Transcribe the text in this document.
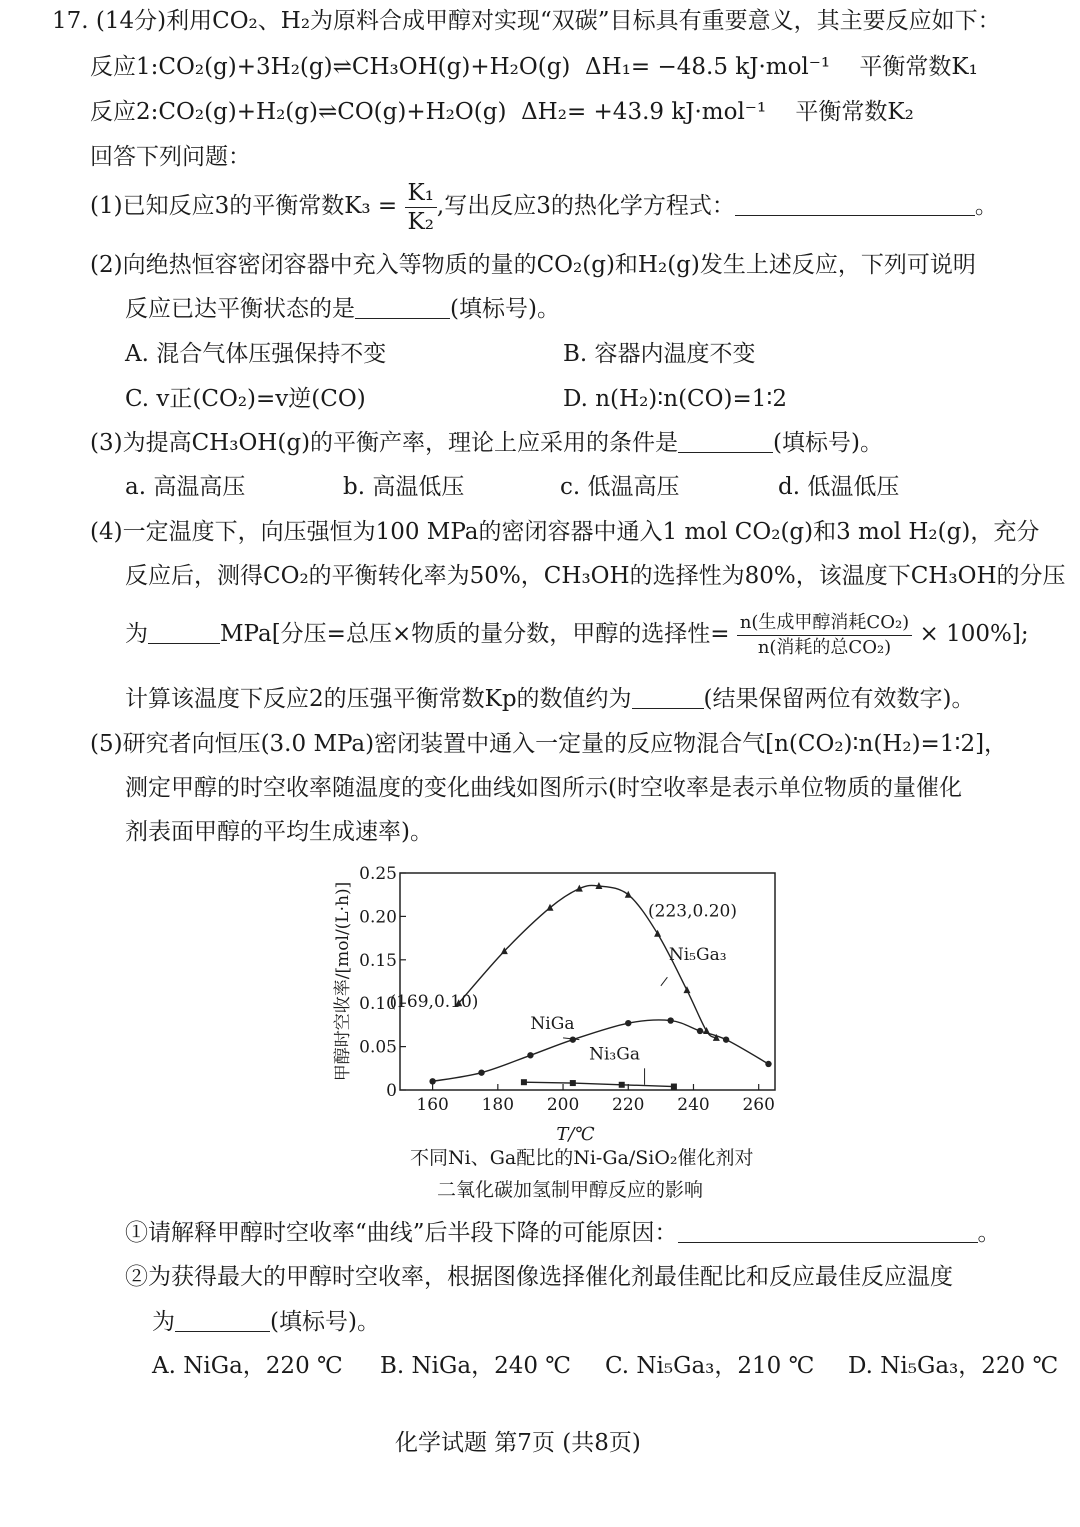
17. (14分)利用CO₂、H₂为原料合成甲醇对实现“双碳”目标具有重要意义，其主要反应如下：
反应1:CO₂(g)+3H₂(g)⇌CH₃OH(g)+H₂O(g) ΔH₁= −48.5 kJ·mol⁻¹ 平衡常数K₁
反应2:CO₂(g)+H₂(g)⇌CO(g)+H₂O(g) ΔH₂= +43.9 kJ·mol⁻¹ 平衡常数K₂
回答下列问题：
(1)已知反应3的平衡常数$K_3 = \frac{\text{K₁}}{\text{K₂}}$ ,写出反应3的热化学方程式：	。
(2)向绝热恒容密闭容器中充入等物质的量的CO₂(g)和H₂(g)发生上述反应，下列可说明
反应已达平衡状态的是	(填标号)。
A. 混合气体压强保持不变	B. 容器内温度不变
C. v正(CO₂)=v逆(CO)	D. n(H₂)∶n(CO)=1∶2
(3)为提高CH₃OH(g)的平衡产率，理论上应采用的条件是	(填标号)。
a. 高温高压	b. 高温低压	c. 低温高压	d. 低温低压
(4)一定温度下，向压强恒为100 MPa的密闭容器中通入1 mol CO₂(g)和3 mol H₂(g)，充分
反应后，测得CO₂的平衡转化率为50%，CH₃OH的选择性为80%，该温度下CH₃OH的分压
为	MPa[分压=总压×物质的量分数，甲醇的选择性= $\frac{\text{n(生成甲醇消耗CO₂)}}{\text{n(消耗的总CO₂)}} \times 100\%$];
计算该温度下反应2的压强平衡常数Kp的数值约为	(结果保留两位有效数字)。
(5)研究者向恒压(3.0 MPa)密闭装置中通入一定量的反应物混合气[n(CO₂)∶n(H₂)=1∶2]，
测定甲醇的时空收率随温度的变化曲线如图所示(时空收率是表示单位物质的量催化
剂表面甲醇的平均生成速率)。
0
0.05
0.10
0.15
0.20
0.25
160 180 200 220 240 260
T/℃
甲醇时空收率/[mol/(L·h)]	(223,0.20)
Ni₅Ga₃
(169,0.10)
NiGa
Ni₃Ga
不同Ni、Ga配比的Ni-Ga/SiO₂催化剂对
二氧化碳加氢制甲醇反应的影响
①请解释甲醇时空收率“曲线”后半段下降的可能原因：	。
②为获得最大的甲醇时空收率，根据图像选择催化剂最佳配比和反应最佳反应温度
为	(填标号)。
A. NiGa，220 ℃ B. NiGa，240 ℃ C. Ni₅Ga₃，210 ℃ D. Ni₅Ga₃，220 ℃
化学试题 第7页 (共8页)
